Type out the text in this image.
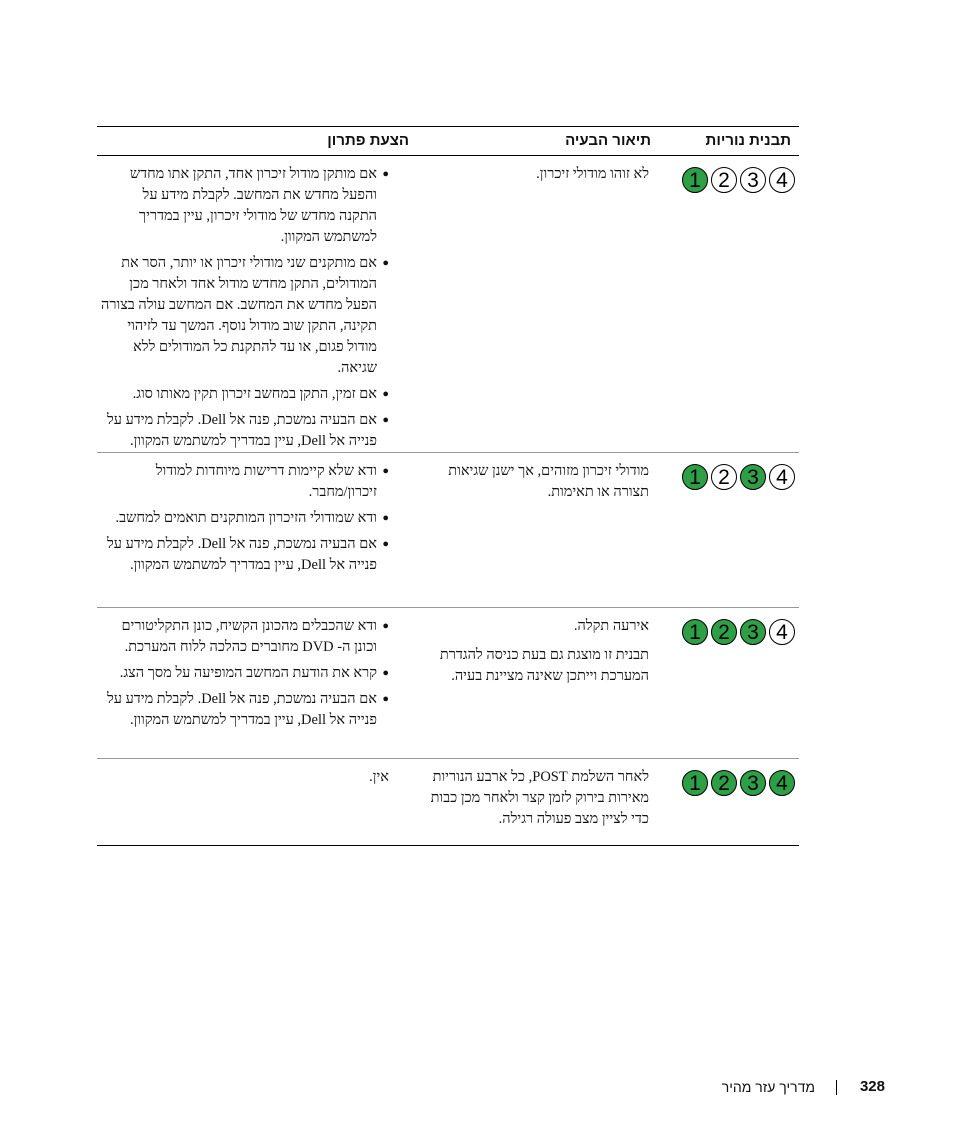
תבנית נוריות
תיאור הבעיה
הצעת פתרון
1 2 3 4

לא זוהו מודולי זיכרון.

●
אם מותקן מודול זיכרון אחד, התקן אתו מחדש והפעל מחדש את המחשב. לקבלת מידע על התקנה מחדש של מודולי זיכרון, עיין במדריך למשתמש המקוון.
●
אם מותקנים שני מודולי זיכרון או יותר, הסר את המודולים, התקן מחדש מודול אחד ולאחר מכן הפעל מחדש את המחשב. אם המחשב עולה בצורה תקינה, התקן שוב מודול נוסף. המשך עד לזיהוי מודול פגום, או עד להתקנת כל המודולים ללא שגיאה.
●
אם זמין, התקן במחשב זיכרון תקין מאותו סוג.
●
אם הבעיה נמשכת, פנה אל Dell. לקבלת מידע על פנייה אל Dell, עיין במדריך למשתמש המקוון.
1 2 3 4

מודולי זיכרון מזוהים, אך ישנן שגיאות תצורה או תאימות.

●
ודא שלא קיימות דרישות מיוחדות למודול זיכרון/מחבר.
●
ודא שמודולי הזיכרון המותקנים תואמים למחשב.
●
אם הבעיה נמשכת, פנה אל Dell. לקבלת מידע על פנייה אל Dell, עיין במדריך למשתמש המקוון.
1 2 3 4

אירעה תקלה.

תבנית זו מוצגת גם בעת כניסה להגדרת המערכת וייתכן שאינה מציינת בעיה.

●
ודא שהכבלים מהכונן הקשיח, כונן התקליטורים וכונן ה- DVD מחוברים כהלכה ללוח המערכת.
●
קרא את הודעת המחשב המופיעה על מסך הצג.
●
אם הבעיה נמשכת, פנה אל Dell. לקבלת מידע על פנייה אל Dell, עיין במדריך למשתמש המקוון.
1 2 3 4

לאחר השלמת POST, כל ארבע הנוריות מאירות בירוק לזמן קצר ולאחר מכן כבות כדי לציין מצב פעולה רגילה.

אין.
328
מדריך עזר מהיר
